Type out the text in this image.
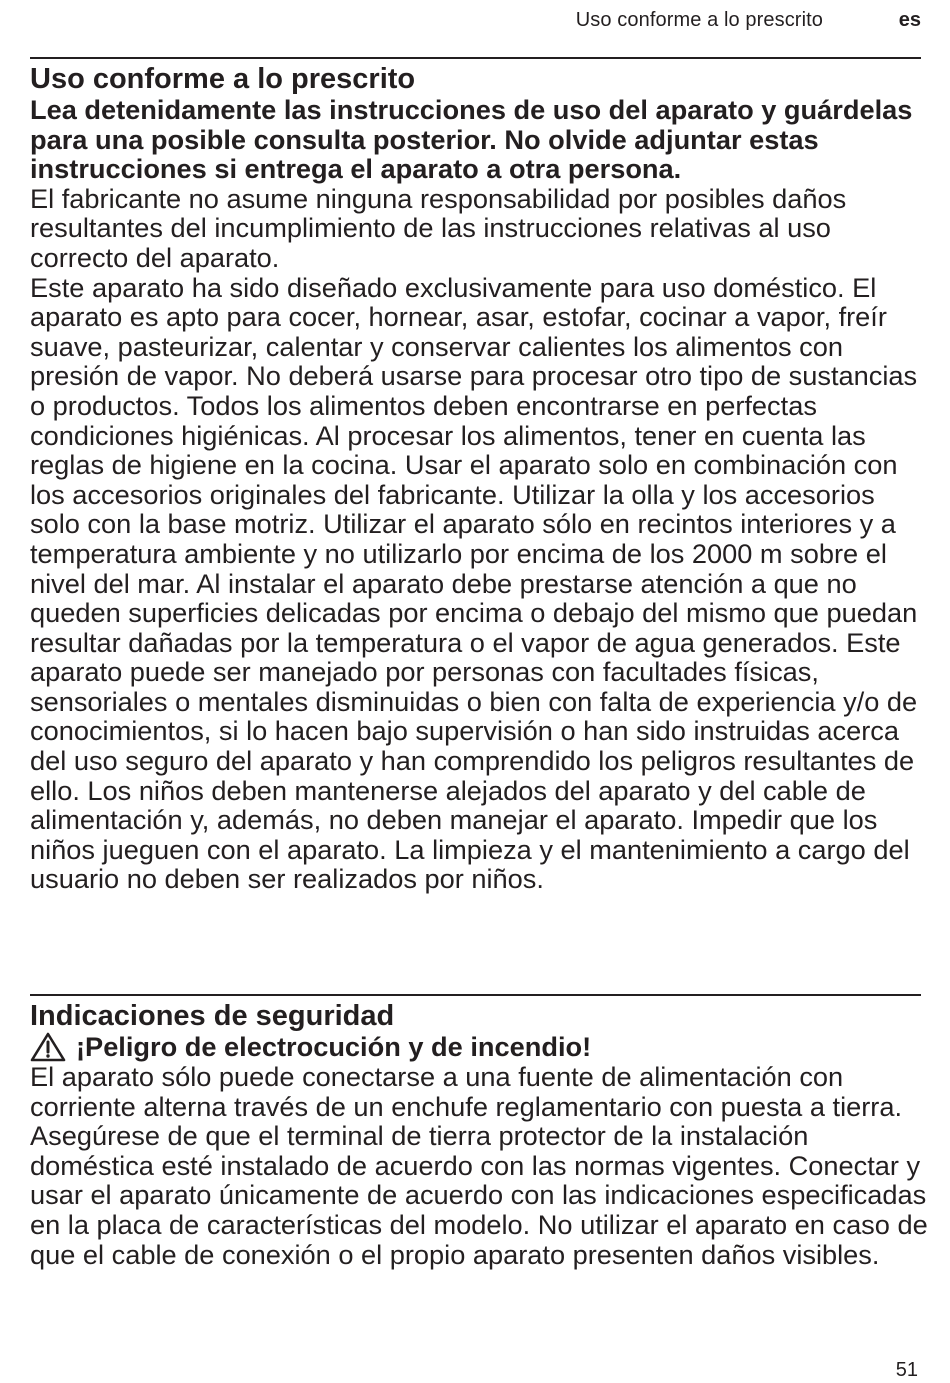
Uso conforme a lo prescrito	es
Uso conforme a lo prescrito

Lea detenidamente las instrucciones de uso del aparato y guárdelas para una posible consulta posterior. No olvide adjuntar estas instrucciones si entrega el aparato a otra persona.

El fabricante no asume ninguna responsabilidad por posibles daños resultantes del incumplimiento de las instrucciones relativas al uso correcto del aparato.

Este aparato ha sido diseñado exclusivamente para uso doméstico. El aparato es apto para cocer, hornear, asar, estofar, cocinar a vapor, freír suave, pasteurizar, calentar y conservar calientes los alimentos con presión de vapor. No deberá usarse para procesar otro tipo de sustancias o productos. Todos los alimentos deben encontrarse en perfectas condiciones higiénicas. Al procesar los alimentos, tener en cuenta las reglas de higiene en la cocina. Usar el aparato solo en combinación con los accesorios originales del fabricante. Utilizar la olla y los accesorios solo con la base motriz. Utilizar el aparato sólo en recintos interiores y a temperatura ambiente y no utilizarlo por encima de los 2000 m sobre el nivel del mar. Al instalar el aparato debe prestarse atención a que no queden superficies delicadas por encima o debajo del mismo que puedan resultar dañadas por la temperatura o el vapor de agua generados. Este aparato puede ser manejado por personas con facultades físicas, sensoriales o mentales disminuidas o bien con falta de experiencia y/o de conocimientos, si lo hacen bajo supervisión o han sido instruidas acerca del uso seguro del aparato y han comprendido los peligros resultantes de ello. Los niños deben mantenerse alejados del aparato y del cable de alimentación y, además, no deben manejar el aparato. Impedir que los niños jueguen con el aparato. La limpieza y el mantenimiento a cargo del usuario no deben ser realizados por niños.

Indicaciones de seguridad

¡Peligro de electrocución y de incendio!

El aparato sólo puede conectarse a una fuente de alimentación con corriente alterna través de un enchufe reglamentario con puesta a tierra. Asegúrese de que el terminal de tierra protector de la instalación doméstica esté instalado de acuerdo con las normas vigentes. Conectar y usar el aparato únicamente de acuerdo con las indicaciones especificadas en la placa de características del modelo. No utilizar el aparato en caso de que el cable de conexión o el propio aparato presenten daños visibles.

51
